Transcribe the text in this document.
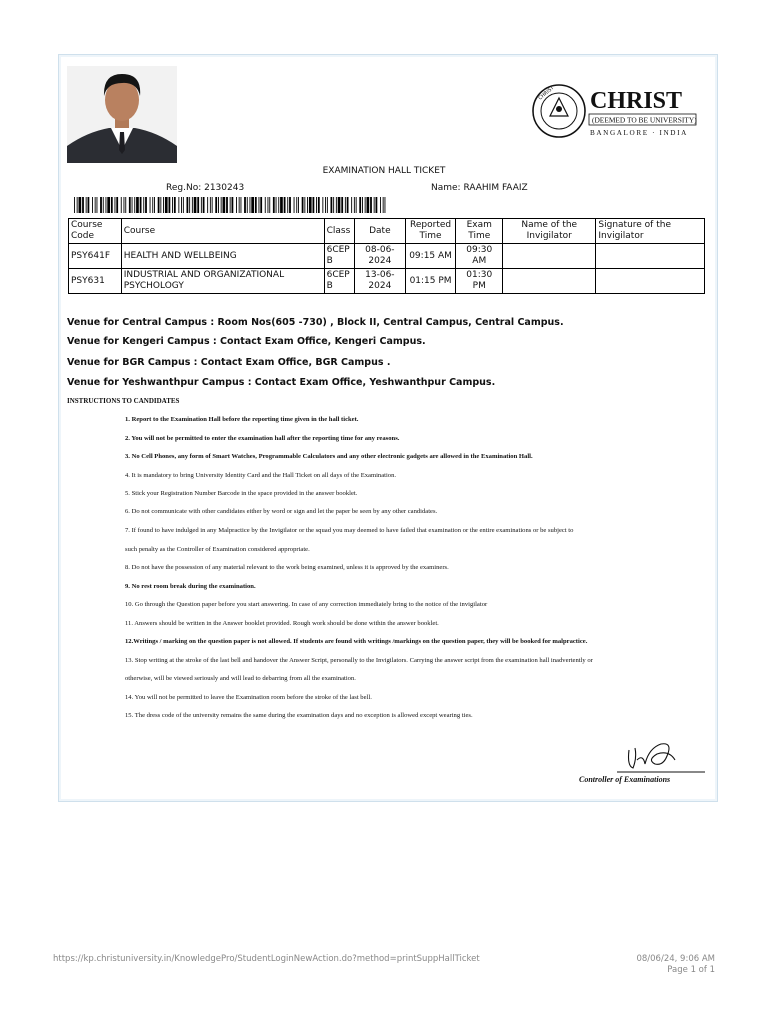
CHRIST CHRIST
(DEEMED TO BE UNIVERSITY)
BANGALORE · INDIA
EXAMINATION HALL TICKET
Reg.No: 2130243	Name: RAAHIM FAAIZ
Course Code	Course	Class	Date	Reported Time	Exam Time	Name of the Invigilator	Signature of the Invigilator
PSY641F	HEALTH AND WELLBEING	6CEP B	08-06-2024	09:15 AM	09:30 AM		
PSY631	INDUSTRIAL AND ORGANIZATIONAL PSYCHOLOGY	6CEP B	13-06-2024	01:15 PM	01:30 PM		
Venue for Central Campus : Room Nos(605 -730) , Block II, Central Campus, Central Campus.
Venue for Kengeri Campus : Contact Exam Office, Kengeri Campus.
Venue for BGR Campus : Contact Exam Office, BGR Campus .
Venue for Yeshwanthpur Campus : Contact Exam Office, Yeshwanthpur Campus.
INSTRUCTIONS TO CANDIDATES
1. Report to the Examination Hall before the reporting time given in the hall ticket.
2. You will not be permitted to enter the examination hall after the reporting time for any reasons.
3. No Cell Phones, any form of Smart Watches, Programmable Calculators and any other electronic gadgets are allowed in the Examination Hall.
4. It is mandatory to bring University Identity Card and the Hall Ticket on all days of the Examination.
5. Stick your Registration Number Barcode in the space provided in the answer booklet.
6. Do not communicate with other candidates either by word or sign and let the paper be seen by any other candidates.
7. If found to have indulged in any Malpractice by the Invigilator or the squad you may deemed to have failed that examination or the entire examinations or be subject to
such penalty as the Controller of Examination considered appropriate.
8. Do not have the possession of any material relevant to the work being examined, unless it is approved by the examiners.
9. No rest room break during the examination.
10. Go through the Question paper before you start answering. In case of any correction immediately bring to the notice of the invigilator
11. Answers should be written in the Answer booklet provided. Rough work should be done within the answer booklet.
12.Writings / marking on the question paper is not allowed. If students are found with writings /markings on the question paper, they will be booked for malpractice.
13. Stop writing at the stroke of the last bell and handover the Answer Script, personally to the Invigilators. Carrying the answer script from the examination hall inadvertently or
otherwise, will be viewed seriously and will lead to debarring from all the examination.
14. You will not be permitted to leave the Examination room before the stroke of the last bell.
15. The dress code of the university remains the same during the examination days and no exception is allowed except wearing ties.
Controller of Examinations
https://kp.christuniversity.in/KnowledgePro/StudentLoginNewAction.do?method=printSuppHallTicket	08/06/24, 9:06 AM
Page 1 of 1
